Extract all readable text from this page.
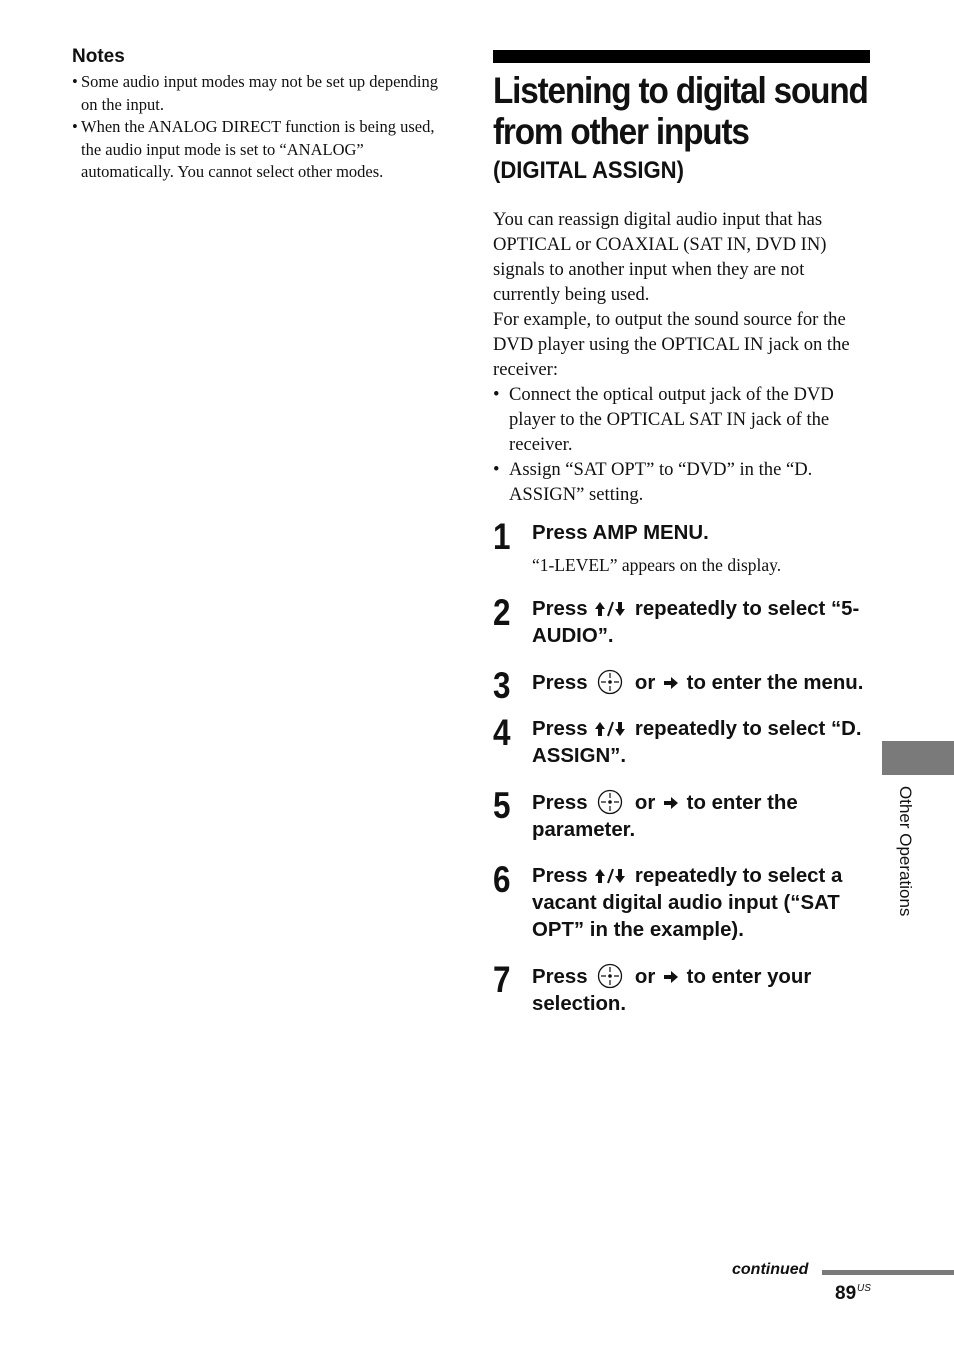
Notes
• Some audio input modes may not be set up depending on the input.
• When the ANALOG DIRECT function is being used, the audio input mode is set to “ANALOG” automatically. You cannot select other modes.
Listening to digital sound
from other inputs
(DIGITAL ASSIGN)

You can reassign digital audio input that has OPTICAL or COAXIAL (SAT IN, DVD IN) signals to another input when they are not currently being used.

For example, to output the sound source for the DVD player using the OPTICAL IN jack on the receiver:

• Connect the optical output jack of the DVD player to the OPTICAL SAT IN jack of the receiver.
• Assign “SAT OPT” to “DVD” in the “D. ASSIGN” setting.
1 Press AMP MENU.
“1-LEVEL” appears on the display.
2 Press repeatedly to select “5-AUDIO”.
3 Press or to enter the menu.
4 Press repeatedly to select “D. ASSIGN”.
5 Press or to enter the parameter.
6 Press repeatedly to select a vacant digital audio input (“SAT OPT” in the example).
7 Press or to enter your selection.
Other Operations
continued
89 US
